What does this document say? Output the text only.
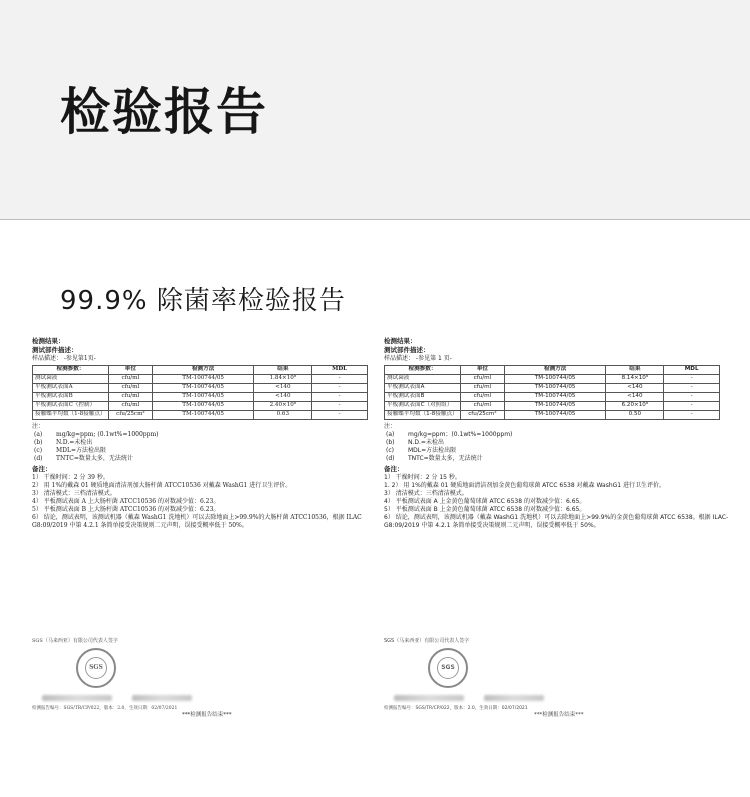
检验报告
99.9% 除菌率检验报告
检测结果：
测试部件描述：
样品描述： -参见第1页-
检测参数：	单位	检测方法	结果	MDL
测试菌液	cfu/ml	TM-100744/05	1.84×10⁸	-
平板测试表面A	cfu/ml	TM-100744/05	<140	-
平板测试表面B	cfu/ml	TM-100744/05	<140	-
平板测试表面C（控制）	cfu/ml	TM-100744/05	2.40×10⁸	-
接触蝶平均数（1-8接触点）	cfu/25cm²	TM-100744/05	0.63	-
注：
(a)	mg/kg=ppm; (0.1wt%=1000ppm)
(b)	N.D.=未检出
(c)	MDL=方法检出限
(d)	TNTC=数量太多，无法统计
备注：
1） 干燥时间：2 分 39 秒。
2） 用 1%的戴森 01 硬质地面清洁剂加大肠杆菌 ATCC10536 对戴森 WashG1 进行卫生评价。
3） 清洁模式：三档清洁模式。
4） 平板测试表面 A 上大肠杆菌 ATCC10536 的对数减少值：6.23。
5） 平板测试表面 B 上大肠杆菌 ATCC10536 的对数减少值：6.23。
6） 结论，测试表明，该测试机器（戴森 WashG1 洗地机）可以去除地面上>99.9%的大肠杆菌 ATCC10536，根据 ILAC G8:09/2019 中第 4.2.1 条简单接受决策规则二元声明，误接受概率低于 50%。
SGS（马来西亚）有限公司代表人签字
SGS
检测报告编号：SGS/TR/CP/022，版本：2.0，生效日期：02/07/2021
***检测报告结束***
检测结果：
测试部件描述：
样品描述： -参见第 1 页-
检测参数：	单位	检测方法	结果	MDL
测试菌液	cfu/ml	TM-100744/05	8.14×10⁸	-
平板测试表面A	cfu/ml	TM-100744/05	<140	-
平板测试表面B	cfu/ml	TM-100744/05	<140	-
平板测试表面C（对照组）	cfu/ml	TM-100744/05	6.20×10⁸	-
接触蝶平均数（1-8接触点）	cfu/25cm²	TM-100744/05	0.50	-
注：
(a)	mg/kg=ppm；(0.1wt%=1000ppm)
(b)	N.D.=未检出
(c)	MDL=方法检出限
(d)	TNTC=数量太多，无法统计
备注：
1） 干燥时间：2 分 15 秒。
1. 2） 用 1%的戴森 01 硬质地面清洁剂加金黄色葡萄球菌 ATCC 6538 对戴森 WashG1 进行卫生评价。
3） 清洁模式：三档清洁模式。
4） 平板测试表面 A 上金黄色葡萄球菌 ATCC 6538 的对数减少值：6.65。
5） 平板测试表面 B 上金黄色葡萄球菌 ATCC 6538 的对数减少值：6.65。
6） 结论，测试表明，该测试机器（戴森 WashG1 洗地机）可以去除地面上>99.9%的金黄色葡萄球菌 ATCC 6538。根据 ILAC-G8:09/2019 中第 4.2.1 条简单接受决策规则二元声明，误接受概率低于 50%。
SGS（马来西亚）有限公司代表人签字
SGS
检测报告编号：SGS/TR/CP/022，版本：2.0，生效日期：02/07/2021
***检测报告结束***
